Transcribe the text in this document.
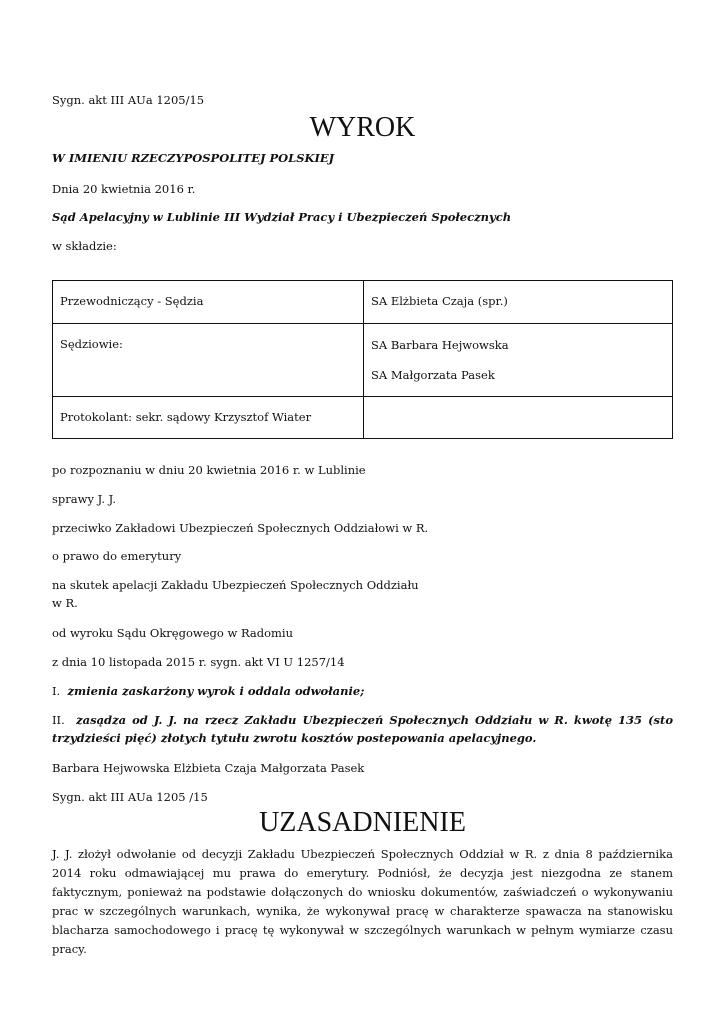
Sygn. akt III AUa 1205/15

WYROK

W IMIENIU RZECZYPOSPOLITEJ POLSKIEJ

Dnia 20 kwietnia 2016 r.

Sąd Apelacyjny w Lublinie III Wydział Pracy i Ubezpieczeń Społecznych

w składzie:

Przewodniczący - Sędzia	SA Elżbieta Czaja (spr.)
Sędziowie:	SA Barbara Hejwowska
SA Małgorzata Pasek

Protokolant: sekr. sądowy Krzysztof Wiater	

po rozpoznaniu w dniu 20 kwietnia 2016 r. w Lublinie

sprawy J. J.

przeciwko Zakładowi Ubezpieczeń Społecznych Oddziałowi w R.

o prawo do emerytury

na skutek apelacji Zakładu Ubezpieczeń Społecznych Oddziału

w R.

od wyroku Sądu Okręgowego w Radomiu

z dnia 10 listopada 2015 r. sygn. akt VI U 1257/14

I. zmienia zaskarżony wyrok i oddala odwołanie;

II. zasądza od J. J. na rzecz Zakładu Ubezpieczeń Społecznych Oddziału w R. kwotę 135 (sto trzydzieści pięć) złotych tytułu zwrotu kosztów postepowania apelacyjnego.

Barbara Hejwowska Elżbieta Czaja Małgorzata Pasek

Sygn. akt III AUa 1205 /15

UZASADNIENIE

J. J. złożył odwołanie od decyzji Zakładu Ubezpieczeń Społecznych Oddział w R. z dnia 8 października 2014 roku odmawiającej mu prawa do emerytury. Podniósł, że decyzja jest niezgodna ze stanem faktycznym, ponieważ na podstawie dołączonych do wniosku dokumentów, zaświadczeń o wykonywaniu prac w szczególnych warunkach, wynika, że wykonywał pracę w charakterze spawacza na stanowisku blacharza samochodowego i pracę tę wykonywał w szczególnych warunkach w pełnym wymiarze czasu pracy.
